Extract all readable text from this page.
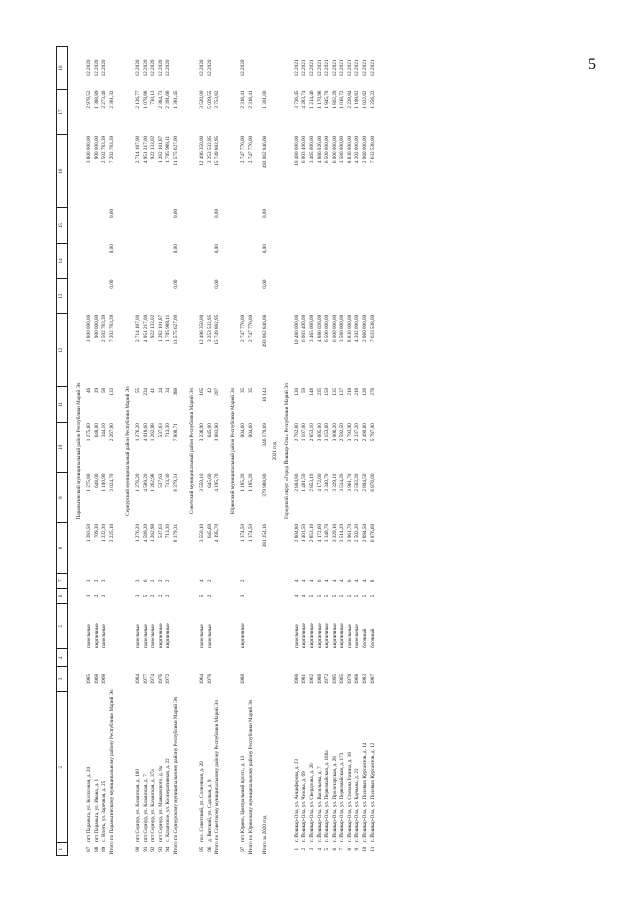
5
1	2	3	4	5	6	7	8	9	10	11	12	13	14	15	16	17	18

Параньгинский муниципальный район Республики Марий Эл																	
87	пгт Параньга, ул. Колхозная, д. 20	1985		панельные	3	3	1 283,50	1 275,80	1 275,80	46	3 800 000,00				3 800 000,00	2 978,52	12.2020
88	пгт Параньга, ул. Ивана, д. 1	1968		кирпичные	2	2	709,30	648,00	648,00	29	900 000,00				900 000,00	1 388,89	12.2020
89	с. Илеть, ул. Заречная, д. 25	1968		панельные	3	3	1 232,30	1 100,90	344,10	58	2 502 783,39				2 502 783,39	2 273,40	12.2020
Итого по Параньгинскому муниципальному району Республики Марий Эл							3 225,10	3 024,70	2 267,90	133	7 202 783,39	0,00	0,00	0,00	7 202 783,39	2 381,32	

Сернурский муниципальный район Республики Марий Эл																	
90	пгт Сернур, ул. Казанская, д. 100	1984		панельные	3	3	1 276,20	1 276,20	1 276,20	55	2 714 187,00				2 714 187,00	2 126,77	12.2020
91	пгт Сернур, ул. Казанская, д. 7	1977		панельные	5	6	4 589,20	4 589,20	4 018,60	234	4 951 217,00				4 951 217,00	1 078,88	12.2020
92	пгт Сернур, ул. Казанская, д. 37а	1974		панельные	2	2	1 262,98	1 262,98	1 262,98	41	922 133,02				922 133,02	730,12	12.2020
93	пгт Сернур, ул. Маяковского, д. 8а	1976		кирпичные	2	2	537,63	537,63	537,63	24	1 282 101,87				1 282 101,87	2 384,73	12.2020
94	с. Казанское, ул. Кооперативная, д. 22	1972		кирпичные	2	2	713,30	713,30	713,30	34	1 705 988,11				1 705 988,11	2 391,68	12.2020
Итого по Сернурскому муниципальному району Республики Марий Эл							8 379,31	8 379,31	7 808,71	388	11 575 627,00	0,00	0,00	0,00	11 575 627,00	1 381,45	

Советский муниципальный район Республики Марий Эл																	
95	пос. Советский, ул. Солнечная, д. 20	1964		панельные	5	4	3 550,10	3 550,10	3 238,90	165	12 496 350,00				12 496 350,00	3 520,00	12.2020
96	д. Вятский, ул. Садовая, д. 9	1976		панельные	2	2	645,60	645,60	645,00	42	3 253 532,95				3 253 532,95	5 039,55	12.2020
Итого по Советскому муниципальному району Республики Марий Эл							4 195,70	4 195,70	3 883,90	207	15 749 882,95	0,00	0,00	0,00	15 749 882,95	3 753,82	

Юринский муниципальный район Республики Марий Эл																	
97	пгт Юрино, Центральный просп., д. 13	1988		кирпичные	3	2	1 374,50	1 185,20	804,60	35	2 747 776,00				2 747 776,00	2 318,41	12.2020
Итого по Юринскому муниципальному району Республики Марий Эл							1 374,50	1 185,20	804,60	35	2 747 776,00				2 747 776,00	2 318,41	

Итого за 2020 год							381 254,16	379 988,80	346 179,69	16 143	493 062 846,68	0,00	0,00	0,00	493 062 846,68	1 301,00	
2021 год																	
Городской округ «Город Йошкар-Ола» Республики Марий Эл																	
1	г. Йошкар-Ола, ул. Анциферова, д. 23	1966		панельные	4	4	2 804,80	2 804,80	2 762,80	130	10 480 000,00				10 480 000,00	3 736,45	12.2021
2	г. Йошкар-Ола, ул. Чехова, д. 69	1981		кирпичные	4	4	1 401,50	1 401,50	1 107,00	59	6 003 400,00				6 003 400,00	4 283,74	12.2021
3	г. Йошкар-Ола, ул. Свердлова, д. 26	1962		кирпичные	5	4	2 853,10	2 853,10	2 853,10	148	3 465 000,00				3 465 000,00	1 214,46	12.2021
4	г. Йошкар-Ола, ул. Васильева, д. 7	1988		кирпичные	5	6	4 172,60	4 172,60	3 605,00	235	4 886 026,00				4 886 026,00	1 170,98	12.2021
5	г. Йошкар-Ола, ул. Первомайская, д. 180а	1972		кирпичные	5	4	3 340,70	3 340,70	3 153,60	150	6 500 000,00				6 500 000,00	1 945,70	12.2021
6	г. Йошкар-Ола, ул. Пролетарская, д. 28	1995		кирпичные	5	4	3 329,10	3 329,10	3 006,20	135	6 000 000,00				6 000 000,00	1 802,29	12.2021
7	г. Йошкар-Ола, ул. Первомайская, д. 173	1965		кирпичные	5	4	3 514,20	3 514,20	2 592,50	137	3 580 000,00				3 580 000,00	1 018,72	12.2021
8	г. Йошкар-Ола, ул. Степана Разина, д. 16	1976		панельные	5	6	3 961,70	3 961,70	3 793,90	218	8 830 000,00				8 830 000,00	2 228,84	12.2021
9	г. Йошкар-Ола, ул. Баумана, д. 22	1968		панельные	5	4	2 502,20	2 502,20	2 337,20	218	4 202 000,00				4 202 000,00	1 199,82	12.2021
10	г. Йошкар-Ола, ул. Полевых Курсантов, д. 14	1983		блочный	5	4	2 894,50	2 894,50	2 490,80	126	2 960 000,00				2 960 000,00	1 022,62	12.2021
11	г. Йошкар-Ола, ул. Полевых Курсантов, д. 12	1987		блочный	5	8	6 876,60	6 876,60	5 787,00	278	7 633 538,00				7 633 538,00	1 256,22	12.2021
